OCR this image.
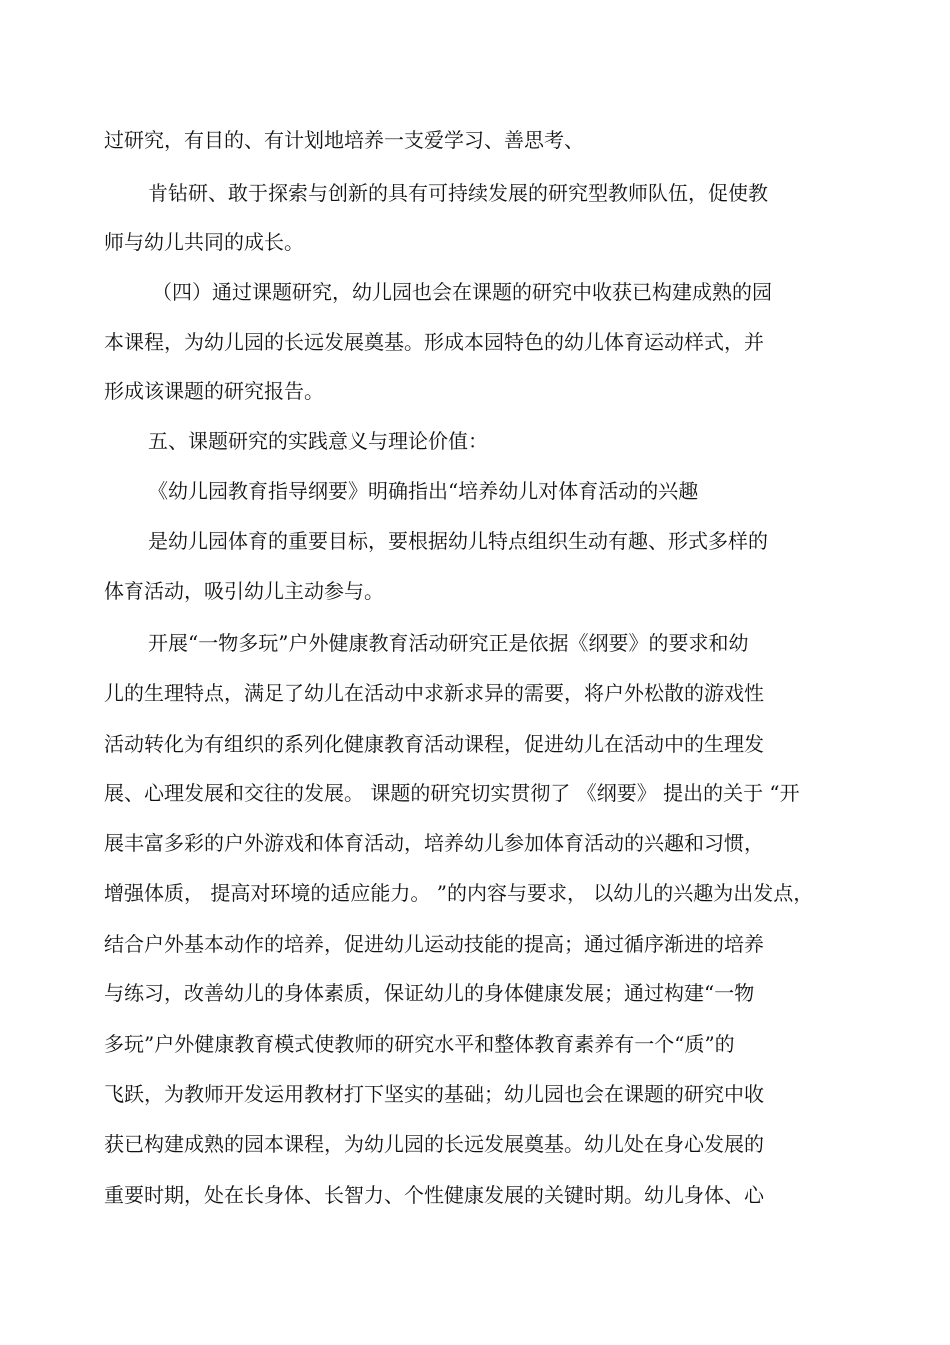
过研究，有目的、有计划地培养一支爱学习、善思考、
肯钻研、敢于探索与创新的具有可持续发展的研究型教师队伍，促使教
师与幼儿共同的成长。
（四）通过课题研究，幼儿园也会在课题的研究中收获已构建成熟的园
本课程，为幼儿园的长远发展奠基。形成本园特色的幼儿体育运动样式，并
形成该课题的研究报告。
五、课题研究的实践意义与理论价值：
《幼儿园教育指导纲要》明确指出“培养幼儿对体育活动的兴趣
是幼儿园体育的重要目标，要根据幼儿特点组织生动有趣、形式多样的
体育活动，吸引幼儿主动参与。
开展“一物多玩”户外健康教育活动研究正是依据《纲要》的要求和幼
儿的生理特点，满足了幼儿在活动中求新求异的需要，将户外松散的游戏性
活动转化为有组织的系列化健康教育活动课程，促进幼儿在活动中的生理发
展、心理发展和交往的发展。 课题的研究切实贯彻了 《纲要》 提出的关于 “开
展丰富多彩的户外游戏和体育活动，培养幼儿参加体育活动的兴趣和习惯，
增强体质， 提高对环境的适应能力。 ”的内容与要求， 以幼儿的兴趣为出发点，
结合户外基本动作的培养，促进幼儿运动技能的提高；通过循序渐进的培养
与练习，改善幼儿的身体素质，保证幼儿的身体健康发展；通过构建“一物
多玩”户外健康教育模式使教师的研究水平和整体教育素养有一个“质”的
飞跃，为教师开发运用教材打下坚实的基础；幼儿园也会在课题的研究中收
获已构建成熟的园本课程，为幼儿园的长远发展奠基。幼儿处在身心发展的
重要时期，处在长身体、长智力、个性健康发展的关键时期。幼儿身体、心
